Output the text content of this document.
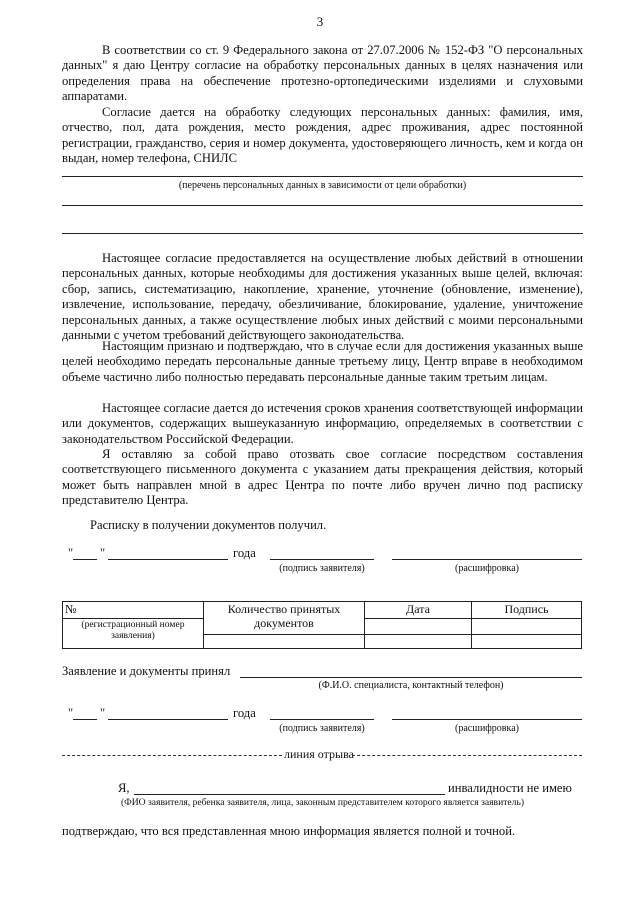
3
В соответствии со ст. 9 Федерального закона от 27.07.2006 № 152-ФЗ "О персональных данных" я даю Центру согласие на обработку персональных данных в целях назначения или определения права на обеспечение протезно-ортопедическими изделиями и слуховыми аппаратами.
Согласие дается на обработку следующих персональных данных: фамилия, имя, отчество, пол, дата рождения, место рождения, адрес проживания, адрес постоянной регистрации, гражданство, серия и номер документа, удостоверяющего личность, кем и когда он выдан, номер телефона, СНИЛС
(перечень персональных данных в зависимости от цели обработки)
Настоящее согласие предоставляется на осуществление любых действий в отношении персональных данных, которые необходимы для достижения указанных выше целей, включая: сбор, запись, систематизацию, накопление, хранение, уточнение (обновление, изменение), извлечение, использование, передачу, обезличивание, блокирование, удаление, уничтожение персональных данных, а также осуществление любых иных действий с моими персональными данными с учетом требований действующего законодательства.
Настоящим признаю и подтверждаю, что в случае если для достижения указанных выше целей необходимо передать персональные данные третьему лицу, Центр вправе в необходимом объеме частично либо полностью передавать персональные данные таким третьим лицам.
Настоящее согласие дается до истечения сроков хранения соответствующей информации или документов, содержащих вышеуказанную информацию, определяемых в соответствии с законодательством Российской Федерации.
Я оставляю за собой право отозвать свое согласие посредством составления соответствующего письменного документа с указанием даты прекращения действия, который может быть направлен мной в адрес Центра по почте либо вручен лично под расписку представителю Центра.
Расписку в получении документов получил.
" "	года
(подпись заявителя)	(расшифровка)
№	Количество принятых документов	Дата	Подпись

(регистрационный номер заявления)			

Заявление и документы принял
(Ф.И.О. специалиста, контактный телефон)
" "	года
(подпись заявителя)	(расшифровка)
линия отрыва
Я,	инвалидности не имею
(ФИО заявителя, ребенка заявителя, лица, законным представителем которого является заявитель)
подтверждаю, что вся представленная мною информация является полной и точной.
